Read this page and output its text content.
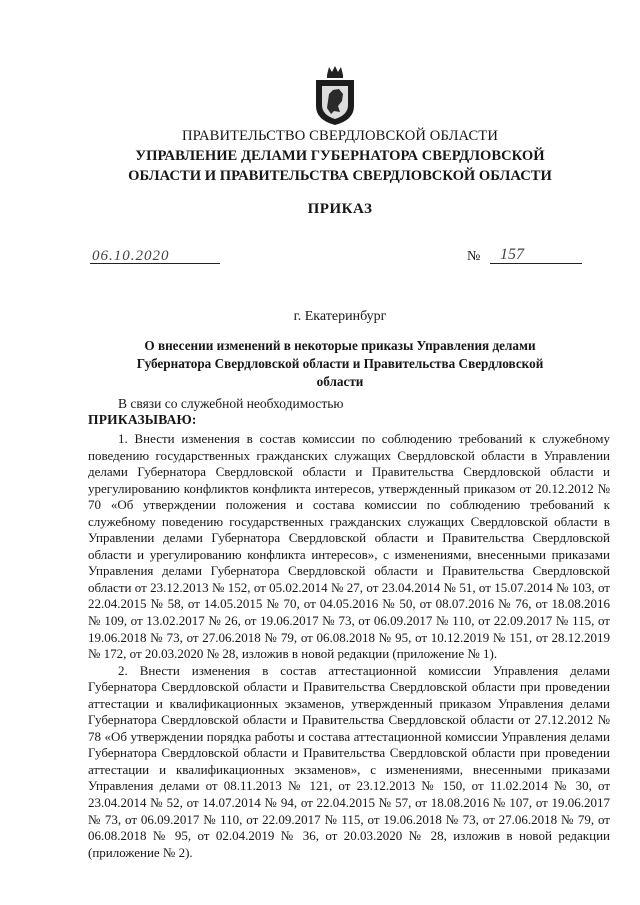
ПРАВИТЕЛЬСТВО СВЕРДЛОВСКОЙ ОБЛАСТИ
УПРАВЛЕНИЕ ДЕЛАМИ ГУБЕРНАТОРА СВЕРДЛОВСКОЙ
ОБЛАСТИ И ПРАВИТЕЛЬСТВА СВЕРДЛОВСКОЙ ОБЛАСТИ
ПРИКАЗ
06.10.2020	№ 157
г. Екатеринбург
О внесении изменений в некоторые приказы Управления делами Губернатора Свердловской области и Правительства Свердловской области
В связи со служебной необходимостью
ПРИКАЗЫВАЮ:

1. Внести изменения в состав комиссии по соблюдению требований к служебному поведению государственных гражданских служащих Свердловской области в Управлении делами Губернатора Свердловской области и Правительства Свердловской области и урегулированию конфликтов конфликта интересов, утвержденный приказом от 20.12.2012 № 70 «Об утверждении положения и состава комиссии по соблюдению требований к служебному поведению государственных гражданских служащих Свердловской области в Управлении делами Губернатора Свердловской области и Правительства Свердловской области и урегулированию конфликта интересов», с изменениями, внесенными приказами Управления делами Губернатора Свердловской области и Правительства Свердловской области от 23.12.2013 № 152, от 05.02.2014 № 27, от 23.04.2014 № 51, от 15.07.2014 № 103, от 22.04.2015 № 58, от 14.05.2015 № 70, от 04.05.2016 № 50, от 08.07.2016 № 76, от 18.08.2016 № 109, от 13.02.2017 № 26, от 19.06.2017 № 73, от 06.09.2017 № 110, от 22.09.2017 № 115, от 19.06.2018 № 73, от 27.06.2018 № 79, от 06.08.2018 № 95, от 10.12.2019 № 151, от 28.12.2019 № 172, от 20.03.2020 № 28, изложив в новой редакции (приложение № 1).

2. Внести изменения в состав аттестационной комиссии Управления делами Губернатора Свердловской области и Правительства Свердловской области при проведении аттестации и квалификационных экзаменов, утвержденный приказом Управления делами Губернатора Свердловской области и Правительства Свердловской области от 27.12.2012 № 78 «Об утверждении порядка работы и состава аттестационной комиссии Управления делами Губернатора Свердловской области и Правительства Свердловской области при проведении аттестации и квалификационных экзаменов», с изменениями, внесенными приказами Управления делами от 08.11.2013 № 121, от 23.12.2013 № 150, от 11.02.2014 № 30, от 23.04.2014 № 52, от 14.07.2014 № 94, от 22.04.2015 № 57, от 18.08.2016 № 107, от 19.06.2017 № 73, от 06.09.2017 № 110, от 22.09.2017 № 115, от 19.06.2018 № 73, от 27.06.2018 № 79, от 06.08.2018 № 95, от 02.04.2019 № 36, от 20.03.2020 № 28, изложив в новой редакции (приложение № 2).
